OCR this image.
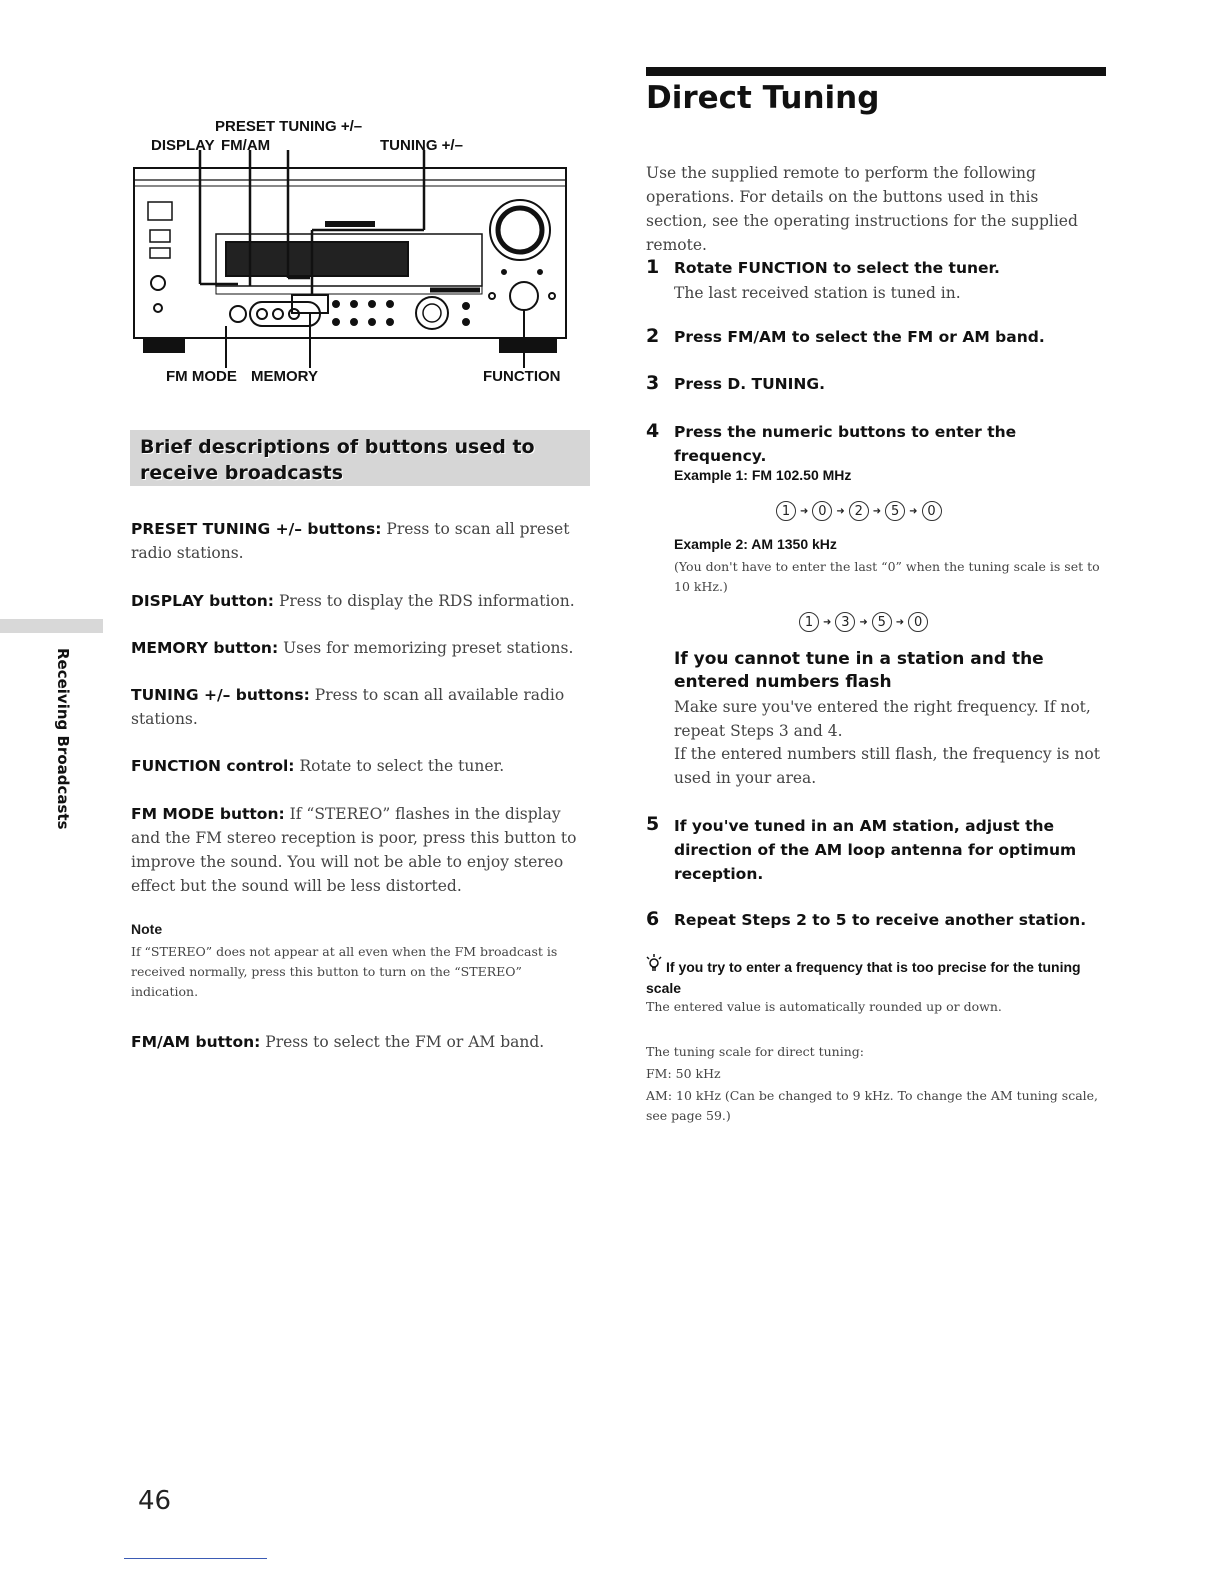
PRESET TUNING +/–
DISPLAY FM/AM	TUNING +/–
FM MODE MEMORY	FUNCTION
Brief descriptions of buttons used to
receive broadcasts
PRESET TUNING +/– buttons: Press to scan all preset radio stations.
DISPLAY button: Press to display the RDS information.
MEMORY button: Uses for memorizing preset stations.
TUNING +/– buttons: Press to scan all available radio stations.
FUNCTION control: Rotate to select the tuner.
FM MODE button: If “STEREO” flashes in the display and the FM stereo reception is poor, press this button to improve the sound. You will not be able to enjoy stereo effect but the sound will be less distorted.
Note
If “STEREO” does not appear at all even when the FM broadcast is received normally, press this button to turn on the “STEREO” indication.
FM/AM button: Press to select the FM or AM band.
Receiving Broadcasts
Direct Tuning
Use the supplied remote to perform the following operations. For details on the buttons used in this section, see the operating instructions for the supplied remote.
1 Rotate FUNCTION to select the tuner.
The last received station is tuned in.
2 Press FM/AM to select the FM or AM band.
3 Press D. TUNING.
4 Press the numeric buttons to enter the frequency.
Example 1: FM 102.50 MHz
1 ➜ 0 ➜ 2 ➜ 5 ➜ 0
Example 2: AM 1350 kHz
(You don't have to enter the last “0” when the tuning scale is set to 10 kHz.)
1 ➜ 3 ➜ 5 ➜ 0
If you cannot tune in a station and the entered numbers flash
Make sure you've entered the right frequency. If not, repeat Steps 3 and 4.
If the entered numbers still flash, the frequency is not used in your area.
5 If you've tuned in an AM station, adjust the direction of the AM loop antenna for optimum reception.
6 Repeat Steps 2 to 5 to receive another station.
If you try to enter a frequency that is too precise for the tuning scale
The entered value is automatically rounded up or down.
The tuning scale for direct tuning:
FM: 50 kHz
AM: 10 kHz (Can be changed to 9 kHz. To change the AM tuning scale, see page 59.)
46
